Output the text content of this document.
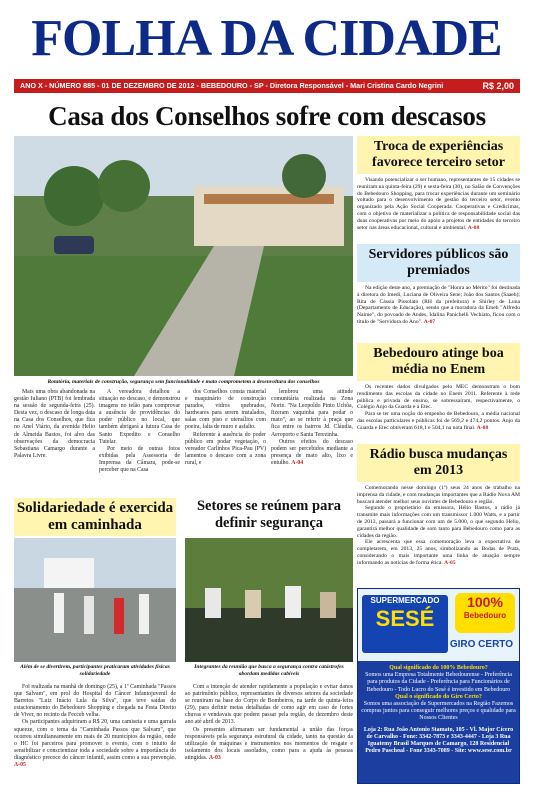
FOLHA DA CIDADE
ANO X - NÚMERO 885 - 01 DE DEZEMBRO DE 2012 - BEBEDOURO - SP - Diretora Responsável - Mari Cristina Cardo Negrini	R$ 2,00
Casa dos Conselhos sofre com descasos
Rotatória, materiais de construção, segurança sem funcionalidade e mato comprometem a desenvoltura dos conselhos

Mais uma obra abandonada na gestão Iuliano (PTB) foi lembrada na sessão de segunda-feira (25). Desta vez, o descaso de longa data na Casa dos Conselhos, que fica no Anel Viário, da avenida Helio de Almeida Bastos, foi alvo das observações da democracia Sebastiana Camargo durante a Palavra Livre.

A vereadora detalhou a situação no descaso, e demonstrou imagens no telão para comprovar a ausência de providências do poder público no local, que também abrigará a futura Casa de Santo Expedito e Conselho Tutelar.

Por meio de outras fotos exibidas pela Assessoria de Imprensa da Câmara, pode-se perceber que na Casa

dos Conselhos consta material e maquinário de construção parados, vidros quebrados, hardwares para serem instalados, salas com piso e utensílios com poeira, falta de muro e asfalto.

Referente à ausência do poder público em podar vegetação, o vereador Carlinhos Pica-Pau (PV) lamentou o descaso com a zona rural, e

lembrou uma atitude comunitária realizada na Zona Norte. "Na Leopoldo Pinto Uchôa, fizeram vaquinha para podar o mato", ao se referir à praça que fica entre os bairros Jd. Cláudia, Aeroporto e Santa Terezinha.

Outros efeitos do descaso podem ser percebidos mediante a presença de mato alto, lixo e entulho. A-04

Solidariedade é exercida em caminhada
Além de se divertirem, participantes praticaram atividades físicas solidariedade

Foi realizada na manhã de domingo (25), a 1ª Caminhada "Passos que Salvam", em prol do Hospital do Câncer Infantojuvenil de Barretos "Luiz Inácio Lula da Silva", que teve saídas do estacionamento do Bebedouro Shopping e chegada na Festa Direito de Viver, no recinto da Fecceb velha.

Os participantes adquiriram a R$ 20, uma camiseta e uma garrafa squeeze, com o tema da "Caminhada Passos que Salvam", que ocorreu simultaneamente em mais de 20 municípios da região, onde o HC foi parceiros para promover o evento, com o intuito de sensibilizar e conscientizar toda a sociedade sobre a importância do diagnóstico precoce do câncer infantil, assim como a sua prevenção. A-05

Setores se reúnem para definir segurança
Integrantes da reunião que busca a segurança contra catástrofes abordam medidas cabíveis

Com a intenção de atender rapidamente a população e evitar danos ao patrimônio público, representantes de diversos setores da sociedade se reuniram na base do Corpo de Bombeiros, na tarde de quinta-feira (29), para definir metas detalhadas de como agir em caso de fortes chuvas e vendavais que podem passar pela região, de dezembro deste ano até abril de 2013.

Os presentes afirmaram ser fundamental a união das forças responsáveis pela segurança estrutural da cidade, tanto na questão da utilização de máquinas e instrumentos nos momentos de resgate e isolamento dos locais assolados, como para a ajuda às pessoas atingidas. A-03

Troca de experiências favorece terceiro setor

Visando potencializar o ser humano, representantes de 15 cidades se reuniram na quinta-feira (29) e sexta-feira (30), no Salão de Convenções do Bebedouro Shopping, para trocar experiências durante um seminário voltado para o desenvolvimento de gestão do terceiro setor, evento organizado pela Ação Social Cooperada. Cooperativas e Credicimas, com o objetivo de materializar a política de responsabilidade social das duas cooperativas por meio do apoio a projetos de entidades do terceiro setor nas áreas educacional, cultural e ambiental. A-08

Servidores públicos são premiados

Na edição deste ano, a premiação de "Honra ao Mérito" foi destinada à diretora do Imedi, Luciana de Oliveira Sene; João dos Santos (Saaeb); Rita de Cássia Pissolato (RH da prefeitura) e Shirley de Luna (Departamento de Educação), sendo que a moradora da Emeb "Alfredo Naime", do povoado de Andes, Idalina Panichelli Vechiato, ficou com o título de "Servidora do Ano". A-07

Bebedouro atinge boa média no Enem

Os recentes dados divulgados pelo MEC demonstram o bom rendimento das escolas da cidade no Enem 2011. Referente à rede pública e privada de ensino, se sobressaíram, respectivamente, o Colégio Anjo da Guarda e a Etec.

Para se ter uma noção do empenho de Bebedouro, a média nacional das escolas particulares e públicas foi de 569,2 e 474,2 pontos. Anjo da Guarda e Etec obtiveram 618,1 e 504,1 na nota final. A-08

Rádio busca mudanças em 2013

Comemorando nesse domingo (1º) seus 24 anos de trabalho na imprensa da cidade, e com mudanças importantes que a Rádio Nova AM buscará atender melhor seus ouvintes de Bebedouro e região.

Segundo o proprietário da emissora, Hélio Bastos, a rádio já transmite mais informações com um transmissor 1.000 Watts, e a partir de 2013, passará a funcionar com um de 5.000, o que segundo Helio, garantirá melhor qualidade de som tanto para Bebedouro como para as cidades da região.

Ele acrescenta que essa comemoração leva a expectativa de completarem, em 2013, 25 anos, simbolizando as Bodas de Prata, considerando o mais importante uma linha de atuação sempre informando as notícias de forma ética. A-05

SUPERMERCADO
SESÉ
100%
Bebedouro
GIRO CERTO
Qual significado do 100% Bebedouro?
Somos uma Empresa Totalmente Bebedourense - Preferência para produtos da Cidade - Preferência para Funcionários de Bebedouro - Todo Lucro do Sesé é investido em Bebedouro
Qual o significado do Giro Certo?
Somos uma associação de Supermercados na Região Fazemos compras juntos para conseguir melhores preços e qualidade para Nossos Clientes
Loja 2: Rua João Antonio Stamato, 105 - Vl. Major Cícero de Carvalho - Fone: 3342-7873 e 3343-4447 - Loja 3 Rua Iguatemy Brasil Marques de Camargo, 128 Residencial Pedro Paschoal - Fone 3343-7089 - Site: www.sese.com.br
